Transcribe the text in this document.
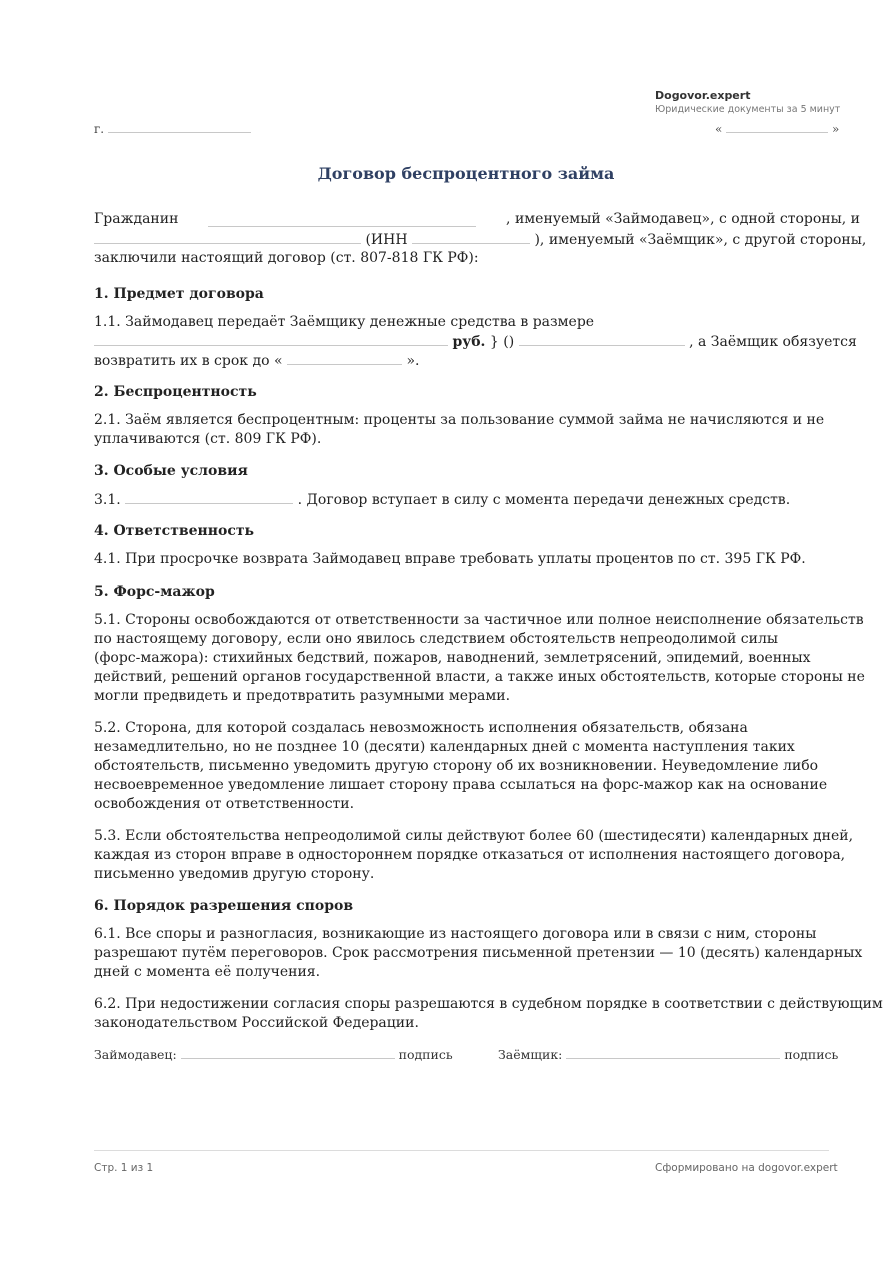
Dogovor.expert
Юридические документы за 5 минут
г.	«	»
Договор беспроцентного займа
Гражданин	, именуемый «Займодавец», с одной стороны, и
(ИНН	), именуемый «Заёмщик», с другой стороны,
заключили настоящий договор (ст. 807-818 ГК РФ):
1. Предмет договора
1.1. Займодавец передаёт Заёмщику денежные средства в размере
руб. } ()	, а Заёмщик обязуется
возвратить их в срок до «	».
2. Беспроцентность
2.1. Заём является беспроцентным: проценты за пользование суммой займа не начисляются и не
уплачиваются (ст. 809 ГК РФ).
3. Особые условия
3.1.	. Договор вступает в силу с момента передачи денежных средств.
4. Ответственность
4.1. При просрочке возврата Займодавец вправе требовать уплаты процентов по ст. 395 ГК РФ.
5. Форс-мажор
5.1. Стороны освобождаются от ответственности за частичное или полное неисполнение обязательств
по настоящему договору, если оно явилось следствием обстоятельств непреодолимой силы
(форс-мажора): стихийных бедствий, пожаров, наводнений, землетрясений, эпидемий, военных
действий, решений органов государственной власти, а также иных обстоятельств, которые стороны не
могли предвидеть и предотвратить разумными мерами.
5.2. Сторона, для которой создалась невозможность исполнения обязательств, обязана
незамедлительно, но не позднее 10 (десяти) календарных дней с момента наступления таких
обстоятельств, письменно уведомить другую сторону об их возникновении. Неуведомление либо
несвоевременное уведомление лишает сторону права ссылаться на форс-мажор как на основание
освобождения от ответственности.
5.3. Если обстоятельства непреодолимой силы действуют более 60 (шестидесяти) календарных дней,
каждая из сторон вправе в одностороннем порядке отказаться от исполнения настоящего договора,
письменно уведомив другую сторону.
6. Порядок разрешения споров
6.1. Все споры и разногласия, возникающие из настоящего договора или в связи с ним, стороны
разрешают путём переговоров. Срок рассмотрения письменной претензии — 10 (десять) календарных
дней с момента её получения.
6.2. При недостижении согласия споры разрешаются в судебном порядке в соответствии с действующим
законодательством Российской Федерации.
Займодавец:	подпись	Заёмщик:	подпись
Стр. 1 из 1	Сформировано на dogovor.expert
